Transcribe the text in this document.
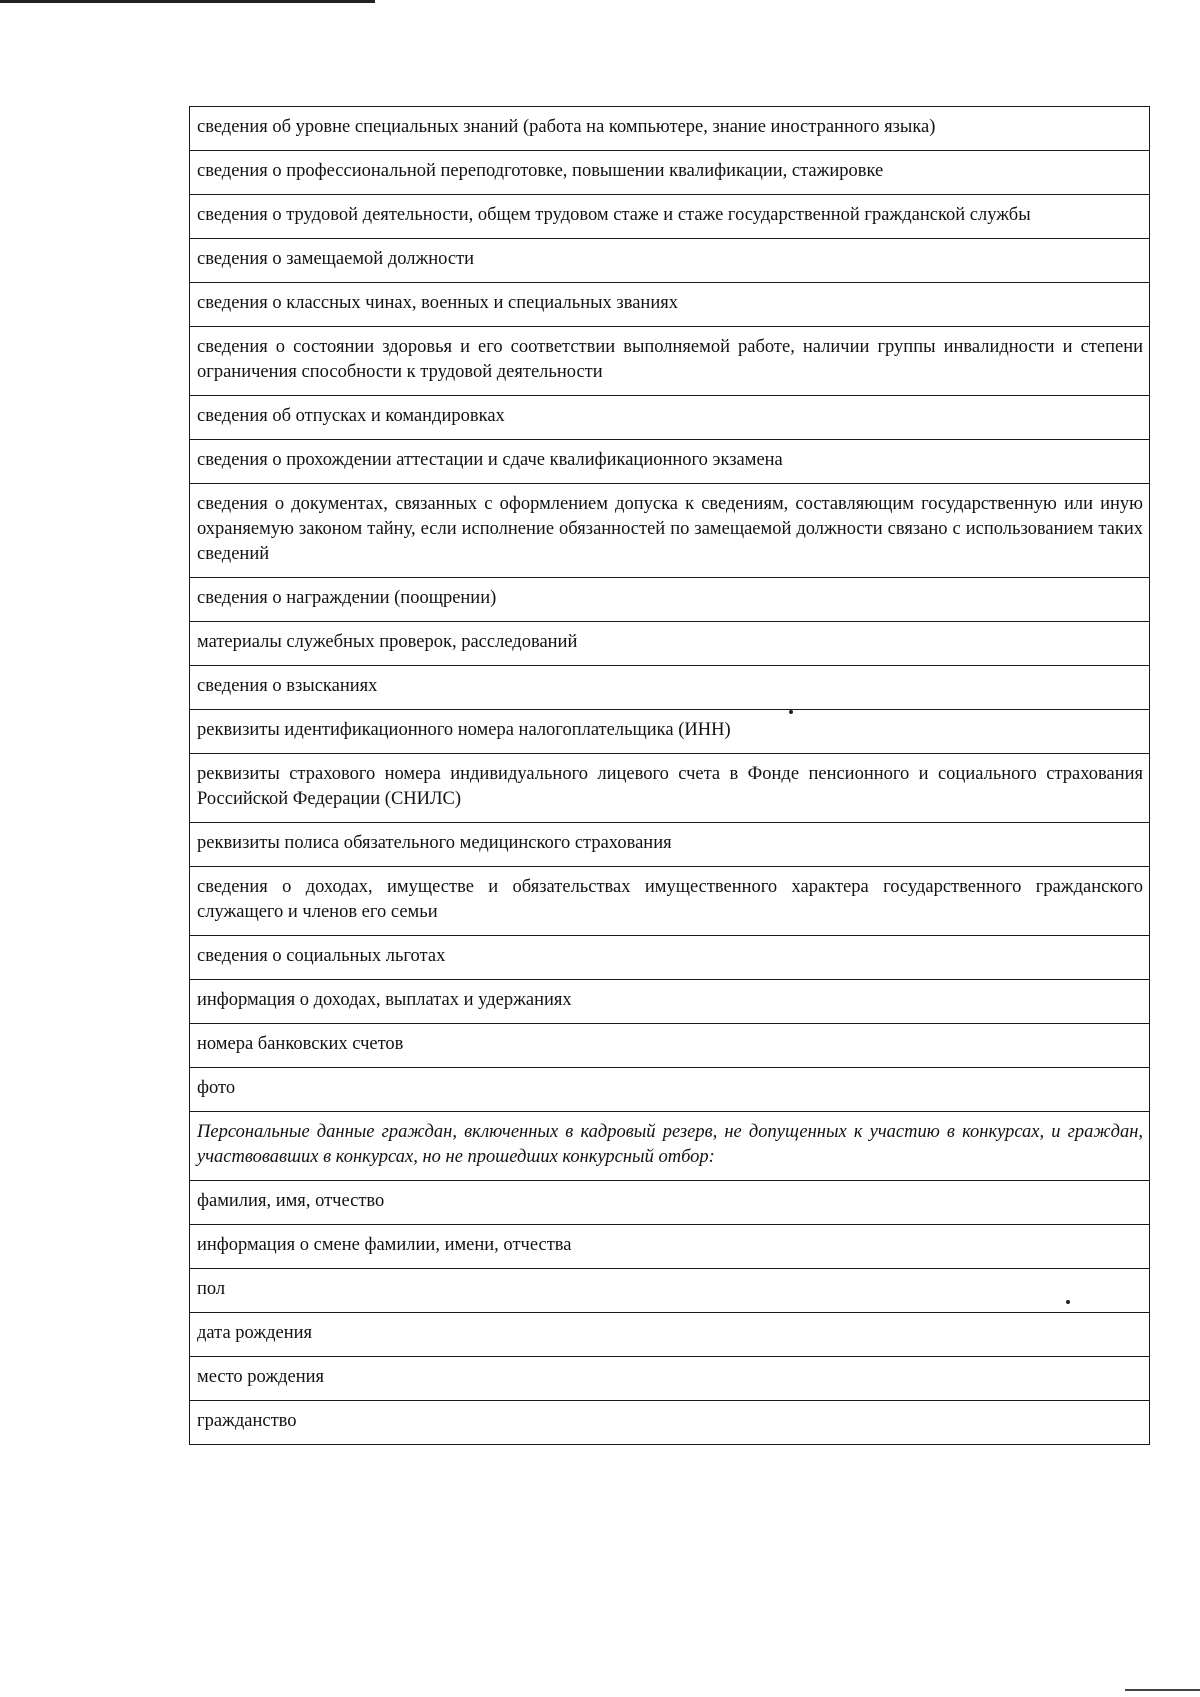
сведения об уровне специальных знаний (работа на компьютере, знание иностранного языка)
сведения о профессиональной переподготовке, повышении квалификации, стажировке
сведения о трудовой деятельности, общем трудовом стаже и стаже государственной гражданской службы
сведения о замещаемой должности
сведения о классных чинах, военных и специальных званиях
сведения о состоянии здоровья и его соответствии выполняемой работе, наличии группы инвалидности и степени ограничения способности к трудовой деятельности
сведения об отпусках и командировках
сведения о прохождении аттестации и сдаче квалификационного экзамена
сведения о документах, связанных с оформлением допуска к сведениям, составляющим государственную или иную охраняемую законом тайну, если исполнение обязанностей по замещаемой должности связано с использованием таких сведений
сведения о награждении (поощрении)
материалы служебных проверок, расследований
сведения о взысканиях
реквизиты идентификационного номера налогоплательщика (ИНН)
реквизиты страхового номера индивидуального лицевого счета в Фонде пенсионного и социального страхования Российской Федерации (СНИЛС)
реквизиты полиса обязательного медицинского страхования
сведения о доходах, имуществе и обязательствах имущественного характера государственного гражданского служащего и членов его семьи
сведения о социальных льготах
информация о доходах, выплатах и удержаниях
номера банковских счетов
фото
Персональные данные граждан, включенных в кадровый резерв, не допущенных к участию в конкурсах, и граждан, участвовавших в конкурсах, но не прошедших конкурсный отбор:
фамилия, имя, отчество
информация о смене фамилии, имени, отчества
пол
дата рождения
место рождения
гражданство
